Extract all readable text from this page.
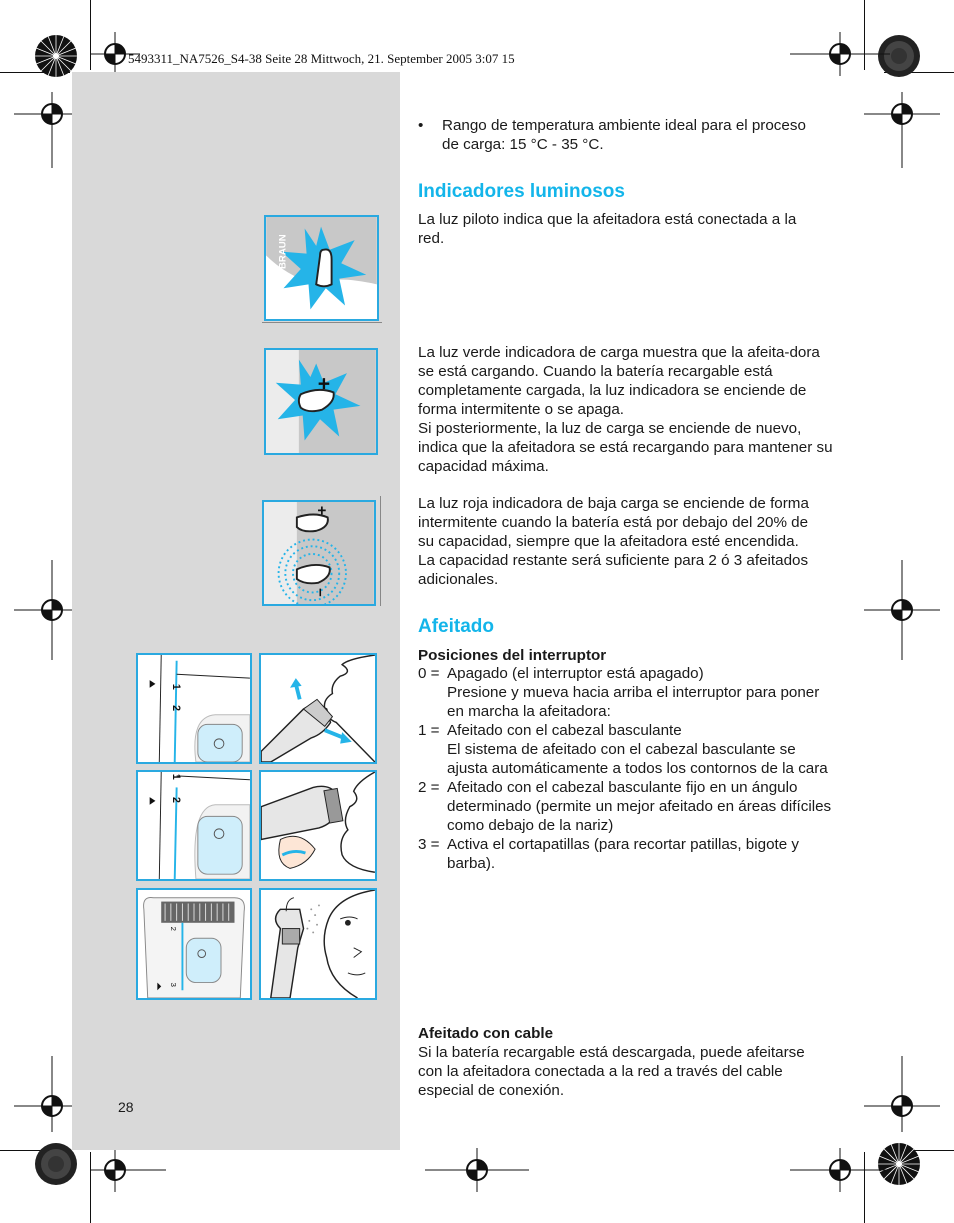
5493311_NA7526_S4-38 Seite 28 Mittwoch, 21. September 2005 3:07 15
BRAUN
+
+
–
1
2
1
2
2
3
•	Rango de temperatura ambiente ideal para el proceso de carga: 15 °C - 35 °C.
Indicadores luminosos
La luz piloto indica que la afeitadora está conectada a la red.
La luz verde indicadora de carga muestra que la afeita-dora se está cargando. Cuando la batería recargable está completamente cargada, la luz indicadora se enciende de forma intermitente o se apaga.
Si posteriormente, la luz de carga se enciende de nuevo, indica que la afeitadora se está recargando para mantener su capacidad máxima.
La luz roja indicadora de baja carga se enciende de forma intermitente cuando la batería está por debajo del 20% de su capacidad, siempre que la afeitadora esté encendida. La capacidad restante será suficiente para 2 ó 3 afeitados adicionales.
Afeitado
Posiciones del interruptor
0 = Apagado (el interruptor está apagado)
Presione y mueva hacia arriba el interruptor para poner en marcha la afeitadora:
1 = Afeitado con el cabezal basculante
El sistema de afeitado con el cabezal basculante se ajusta automáticamente a todos los contornos de la cara
2 = Afeitado con el cabezal basculante fijo en un ángulo determinado (permite un mejor afeitado en áreas difíciles como debajo de la nariz)
3 = Activa el cortapatillas (para recortar patillas, bigote y barba).
Afeitado con cable
Si la batería recargable está descargada, puede afeitarse con la afeitadora conectada a la red a través del cable especial de conexión.
28
